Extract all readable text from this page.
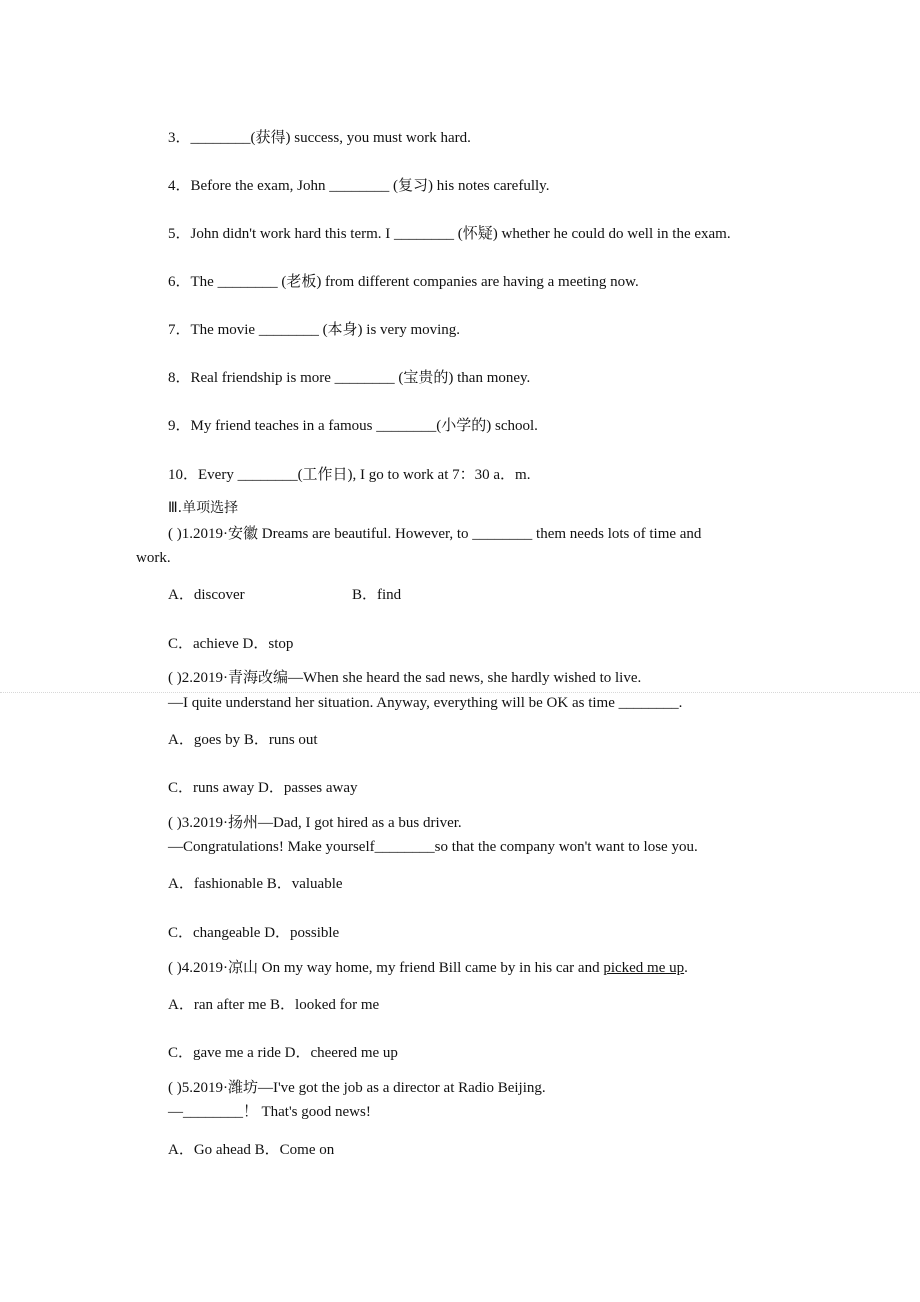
3．________(获得) success, you must work hard.

4．Before the exam, John ________ (复习) his notes carefully.

5．John didn't work hard this term. I ________ (怀疑) whether he could do well in the exam.

6．The ________ (老板) from different companies are having a meeting now.

7．The movie ________ (本身) is very moving.

8．Real friendship is more ________ (宝贵的) than money.

9．My friend teaches in a famous ________(小学的) school.

10．Every ________(工作日), I go to work at 7：30 a．m.

Ⅲ.单项选择

( )1.2019·安徽 Dreams are beautiful. However, to ________ them needs lots of time and

work.

A．discover	B．find

C．achieve D．stop

( )2.2019·青海改编—When she heard the sad news, she hardly wished to live.

—I quite understand her situation. Anyway, everything will be OK as time ________.

A．goes by B．runs out

C．runs away D．passes away

( )3.2019·扬州—Dad, I got hired as a bus driver.

—Congratulations! Make yourself________so that the company won't want to lose you.

A．fashionable B．valuable

C．changeable D．possible

( )4.2019·凉山 On my way home, my friend Bill came by in his car and picked me up.

A．ran after me B．looked for me

C．gave me a ride D．cheered me up

( )5.2019·潍坊—I've got the job as a director at Radio Beijing.

—________！ That's good news!

A．Go ahead B．Come on
